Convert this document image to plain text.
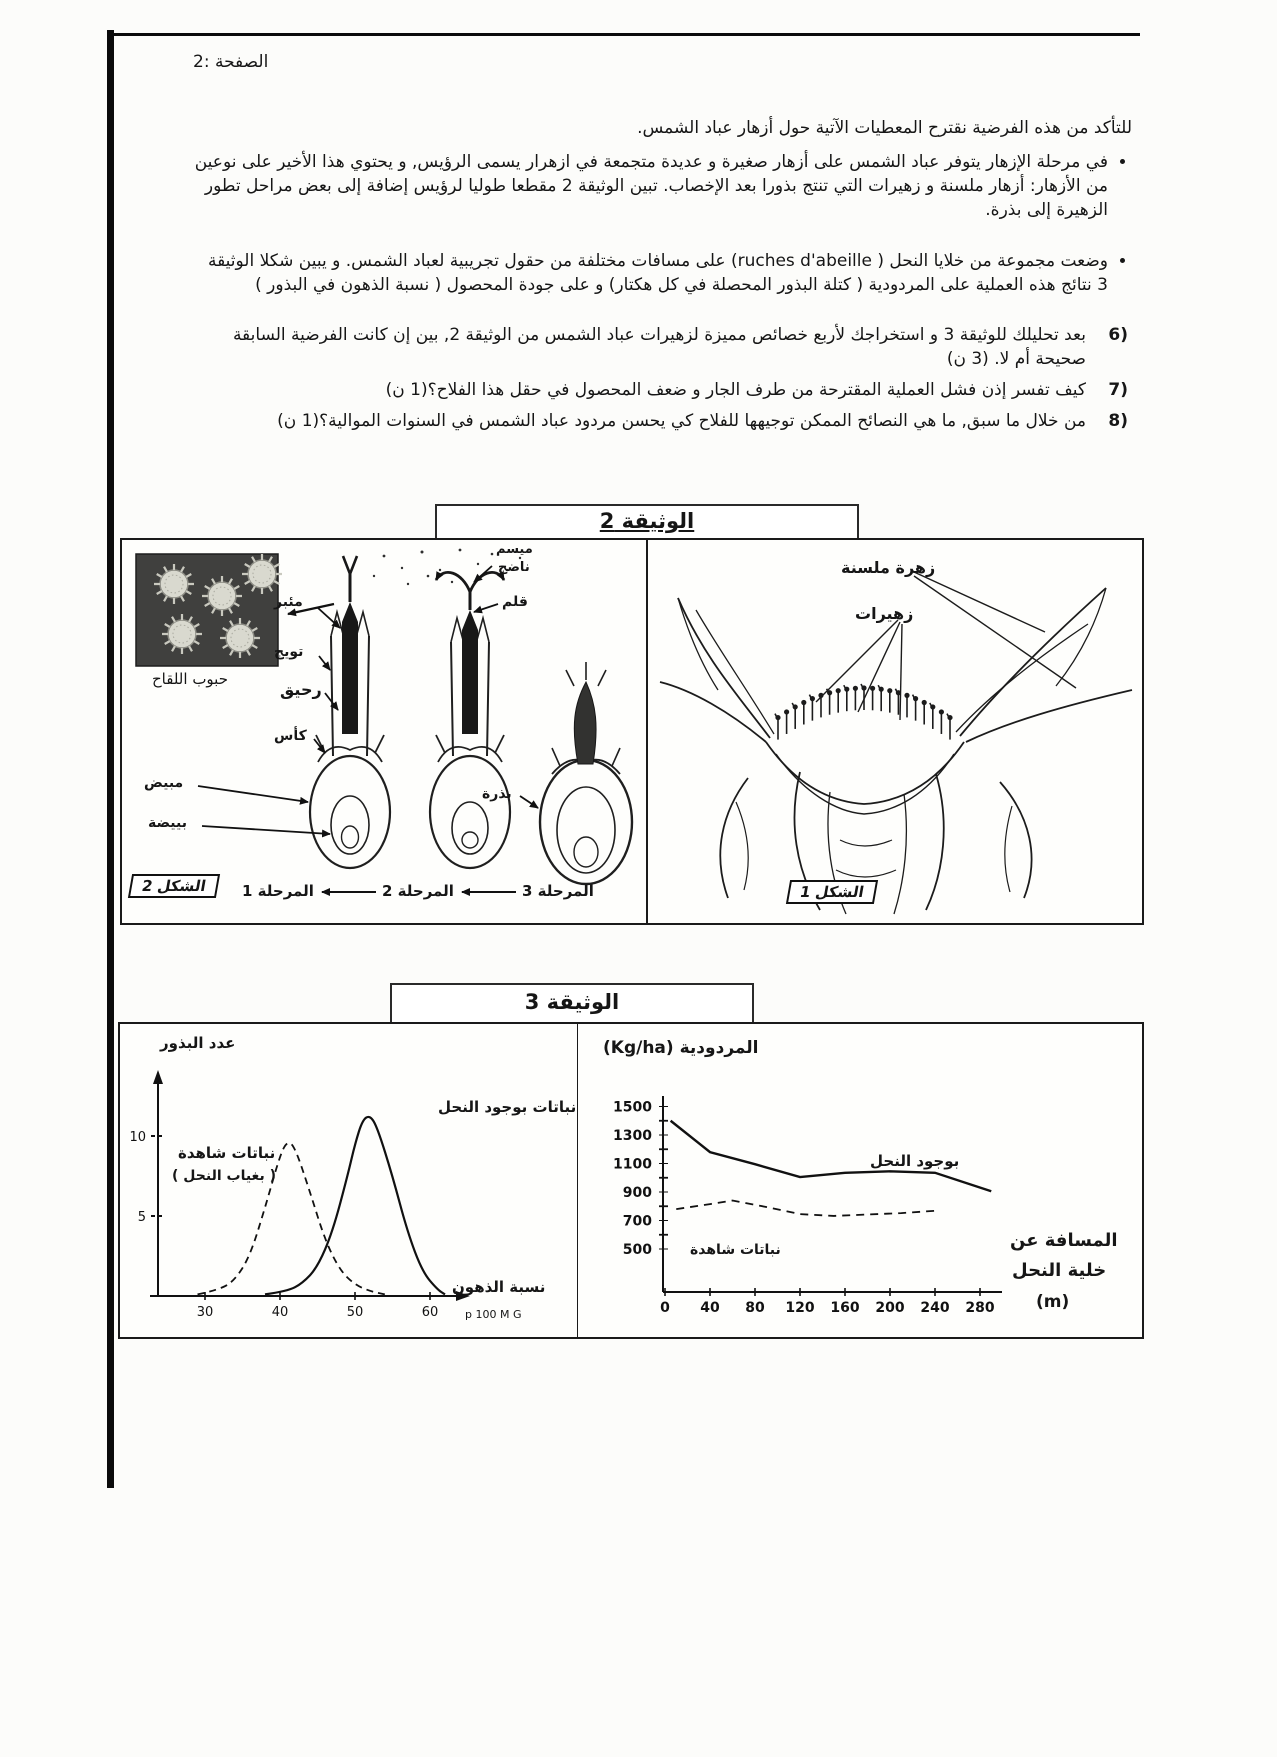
الصفحة :2

للتأكد من هذه الفرضية نقترح المعطيات الآتية حول أزهار عباد الشمس.

• في مرحلة الإزهار يتوفر عباد الشمس على أزهار صغيرة و عديدة متجمعة في ازهرار يسمى الرؤيس, و يحتوي هذا الأخير على نوعين من الأزهار: أزهار ملسنة و زهيرات التي تنتج بذورا بعد الإخصاب. تبين الوثيقة 2 مقطعا طوليا لرؤيس إضافة إلى بعض مراحل تطور الزهيرة إلى بذرة.
• وضعت مجموعة من خلايا النحل ( ruches d'abeille) على مسافات مختلفة من حقول تجريبية لعباد الشمس. و يبين شكلا الوثيقة 3 نتائج هذه العملية على المردودية ( كتلة البذور المحصلة في كل هكتار) و على جودة المحصول ( نسبة الذهون في البذور )
6)
بعد تحليلك للوثيقة 3 و استخراجك لأربع خصائص مميزة لزهيرات عباد الشمس من الوثيقة 2, بين إن كانت الفرضية السابقة صحيحة أم لا. (3 ن)
7)
كيف تفسر إذن فشل العملية المقترحة من طرف الجار و ضعف المحصول في حقل هذا الفلاح؟(1 ن)
8)
من خلال ما سبق, ما هي النصائح الممكن توجيهها للفلاح كي يحسن مردود عباد الشمس في السنوات الموالية؟(1 ن)
الوثيقة 2
حبوب اللقاح
مئبر
تويج
رحيق
كأس
مبيض
بييضة
ميسم
ناضج
قلم
بذرة
المرحلة 1	المرحلة 2	المرحلة 3
الشكل 2
زهرة ملسنة
زهيرات
الشكل 1
الوثيقة 3
5
10
30	40	50	60
عدد البذور
نباتات بوجود النحل
نباتات شاهدة
( بغياب النحل )
نسبة الذهون
p 100 M G
500
700
900
1100
1300
1500
0 40 80 120 160 200 240 280
المردودية (Kg/ha)
بوجود النحل
نباتات شاهدة	المسافة عن
خلية النحل
(m)
